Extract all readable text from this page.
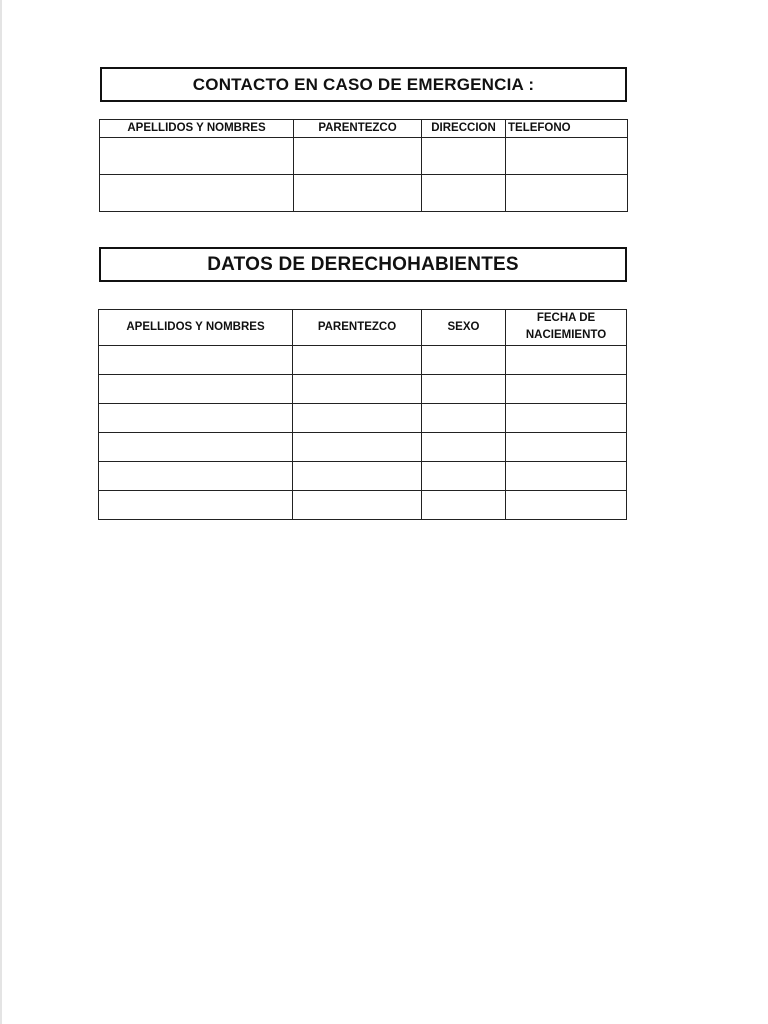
CONTACTO EN CASO DE EMERGENCIA :
APELLIDOS Y NOMBRES	PARENTEZCO	DIRECCION	TELEFONO

DATOS DE DERECHOHABIENTES
APELLIDOS Y NOMBRES	PARENTEZCO	SEXO	FECHA DE NACIEMIENTO
